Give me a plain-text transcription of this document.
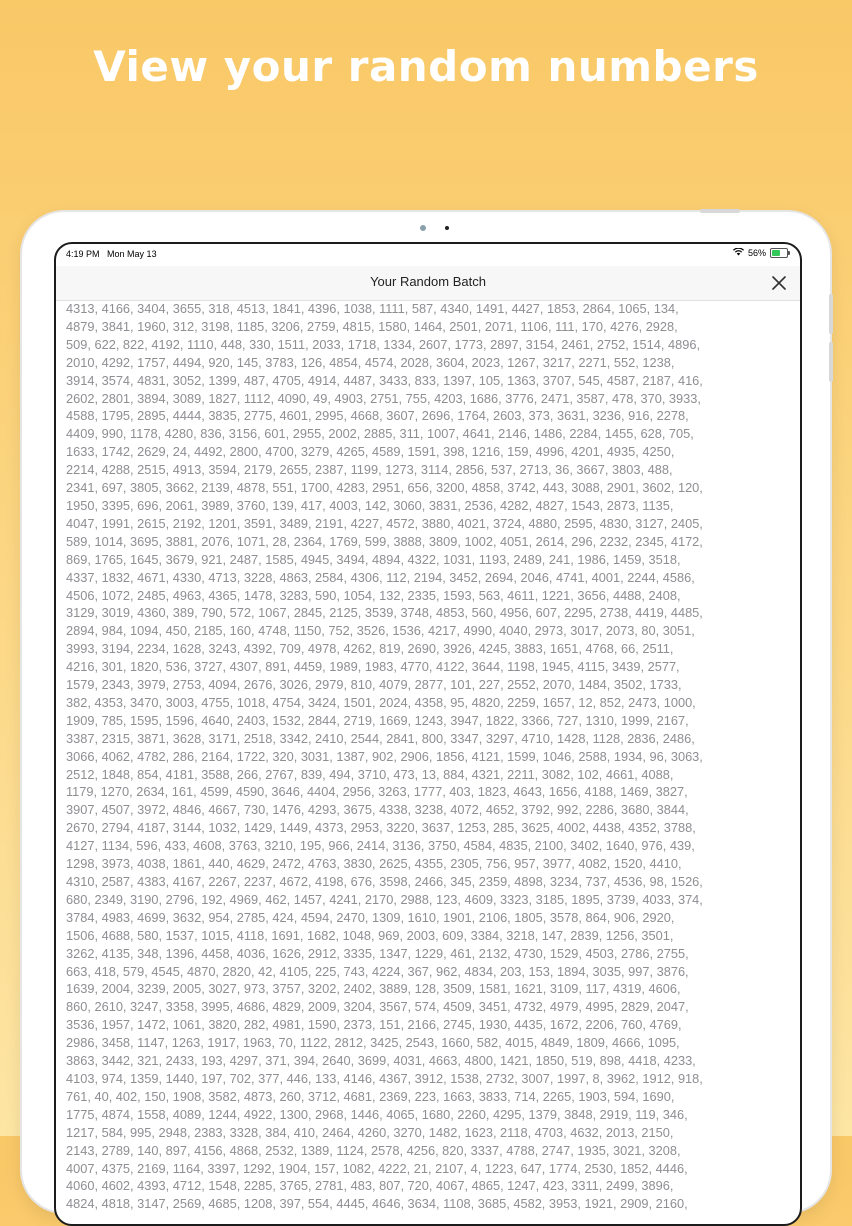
View your random numbers
4:19 PM Mon May 13	56%
Your Random Batch
4313, 4166, 3404, 3655, 318, 4513, 1841, 4396, 1038, 1111, 587, 4340, 1491, 4427, 1853, 2864, 1065, 134,
4879, 3841, 1960, 312, 3198, 1185, 3206, 2759, 4815, 1580, 1464, 2501, 2071, 1106, 111, 170, 4276, 2928,
509, 622, 822, 4192, 1110, 448, 330, 1511, 2033, 1718, 1334, 2607, 1773, 2897, 3154, 2461, 2752, 1514, 4896,
2010, 4292, 1757, 4494, 920, 145, 3783, 126, 4854, 4574, 2028, 3604, 2023, 1267, 3217, 2271, 552, 1238,
3914, 3574, 4831, 3052, 1399, 487, 4705, 4914, 4487, 3433, 833, 1397, 105, 1363, 3707, 545, 4587, 2187, 416,
2602, 2801, 3894, 3089, 1827, 1112, 4090, 49, 4903, 2751, 755, 4203, 1686, 3776, 2471, 3587, 478, 370, 3933,
4588, 1795, 2895, 4444, 3835, 2775, 4601, 2995, 4668, 3607, 2696, 1764, 2603, 373, 3631, 3236, 916, 2278,
4409, 990, 1178, 4280, 836, 3156, 601, 2955, 2002, 2885, 311, 1007, 4641, 2146, 1486, 2284, 1455, 628, 705,
1633, 1742, 2629, 24, 4492, 2800, 4700, 3279, 4265, 4589, 1591, 398, 1216, 159, 4996, 4201, 4935, 4250,
2214, 4288, 2515, 4913, 3594, 2179, 2655, 2387, 1199, 1273, 3114, 2856, 537, 2713, 36, 3667, 3803, 488,
2341, 697, 3805, 3662, 2139, 4878, 551, 1700, 4283, 2951, 656, 3200, 4858, 3742, 443, 3088, 2901, 3602, 120,
1950, 3395, 696, 2061, 3989, 3760, 139, 417, 4003, 142, 3060, 3831, 2536, 4282, 4827, 1543, 2873, 1135,
4047, 1991, 2615, 2192, 1201, 3591, 3489, 2191, 4227, 4572, 3880, 4021, 3724, 4880, 2595, 4830, 3127, 2405,
589, 1014, 3695, 3881, 2076, 1071, 28, 2364, 1769, 599, 3888, 3809, 1002, 4051, 2614, 296, 2232, 2345, 4172,
869, 1765, 1645, 3679, 921, 2487, 1585, 4945, 3494, 4894, 4322, 1031, 1193, 2489, 241, 1986, 1459, 3518,
4337, 1832, 4671, 4330, 4713, 3228, 4863, 2584, 4306, 112, 2194, 3452, 2694, 2046, 4741, 4001, 2244, 4586,
4506, 1072, 2485, 4963, 4365, 1478, 3283, 590, 1054, 132, 2335, 1593, 563, 4611, 1221, 3656, 4488, 2408,
3129, 3019, 4360, 389, 790, 572, 1067, 2845, 2125, 3539, 3748, 4853, 560, 4956, 607, 2295, 2738, 4419, 4485,
2894, 984, 1094, 450, 2185, 160, 4748, 1150, 752, 3526, 1536, 4217, 4990, 4040, 2973, 3017, 2073, 80, 3051,
3993, 3194, 2234, 1628, 3243, 4392, 709, 4978, 4262, 819, 2690, 3926, 4245, 3883, 1651, 4768, 66, 2511,
4216, 301, 1820, 536, 3727, 4307, 891, 4459, 1989, 1983, 4770, 4122, 3644, 1198, 1945, 4115, 3439, 2577,
1579, 2343, 3979, 2753, 4094, 2676, 3026, 2979, 810, 4079, 2877, 101, 227, 2552, 2070, 1484, 3502, 1733,
382, 4353, 3470, 3003, 4755, 1018, 4754, 3424, 1501, 2024, 4358, 95, 4820, 2259, 1657, 12, 852, 2473, 1000,
1909, 785, 1595, 1596, 4640, 2403, 1532, 2844, 2719, 1669, 1243, 3947, 1822, 3366, 727, 1310, 1999, 2167,
3387, 2315, 3871, 3628, 3171, 2518, 3342, 2410, 2544, 2841, 800, 3347, 3297, 4710, 1428, 1128, 2836, 2486,
3066, 4062, 4782, 286, 2164, 1722, 320, 3031, 1387, 902, 2906, 1856, 4121, 1599, 1046, 2588, 1934, 96, 3063,
2512, 1848, 854, 4181, 3588, 266, 2767, 839, 494, 3710, 473, 13, 884, 4321, 2211, 3082, 102, 4661, 4088,
1179, 1270, 2634, 161, 4599, 4590, 3646, 4404, 2956, 3263, 1777, 403, 1823, 4643, 1656, 4188, 1469, 3827,
3907, 4507, 3972, 4846, 4667, 730, 1476, 4293, 3675, 4338, 3238, 4072, 4652, 3792, 992, 2286, 3680, 3844,
2670, 2794, 4187, 3144, 1032, 1429, 1449, 4373, 2953, 3220, 3637, 1253, 285, 3625, 4002, 4438, 4352, 3788,
4127, 1134, 596, 433, 4608, 3763, 3210, 195, 966, 2414, 3136, 3750, 4584, 4835, 2100, 3402, 1640, 976, 439,
1298, 3973, 4038, 1861, 440, 4629, 2472, 4763, 3830, 2625, 4355, 2305, 756, 957, 3977, 4082, 1520, 4410,
4310, 2587, 4383, 4167, 2267, 2237, 4672, 4198, 676, 3598, 2466, 345, 2359, 4898, 3234, 737, 4536, 98, 1526,
680, 2349, 3190, 2796, 192, 4969, 462, 1457, 4241, 2170, 2988, 123, 4609, 3323, 3185, 1895, 3739, 4033, 374,
3784, 4983, 4699, 3632, 954, 2785, 424, 4594, 2470, 1309, 1610, 1901, 2106, 1805, 3578, 864, 906, 2920,
1506, 4688, 580, 1537, 1015, 4118, 1691, 1682, 1048, 969, 2003, 609, 3384, 3218, 147, 2839, 1256, 3501,
3262, 4135, 348, 1396, 4458, 4036, 1626, 2912, 3335, 1347, 1229, 461, 2132, 4730, 1529, 4503, 2786, 2755,
663, 418, 579, 4545, 4870, 2820, 42, 4105, 225, 743, 4224, 367, 962, 4834, 203, 153, 1894, 3035, 997, 3876,
1639, 2004, 3239, 2005, 3027, 973, 3757, 3202, 2402, 3889, 128, 3509, 1581, 1621, 3109, 117, 4319, 4606,
860, 2610, 3247, 3358, 3995, 4686, 4829, 2009, 3204, 3567, 574, 4509, 3451, 4732, 4979, 4995, 2829, 2047,
3536, 1957, 1472, 1061, 3820, 282, 4981, 1590, 2373, 151, 2166, 2745, 1930, 4435, 1672, 2206, 760, 4769,
2986, 3458, 1147, 1263, 1917, 1963, 70, 1122, 2812, 3425, 2543, 1660, 582, 4015, 4849, 1809, 4666, 1095,
3863, 3442, 321, 2433, 193, 4297, 371, 394, 2640, 3699, 4031, 4663, 4800, 1421, 1850, 519, 898, 4418, 4233,
4103, 974, 1359, 1440, 197, 702, 377, 446, 133, 4146, 4367, 3912, 1538, 2732, 3007, 1997, 8, 3962, 1912, 918,
761, 40, 402, 150, 1908, 3582, 4873, 260, 3712, 4681, 2369, 223, 1663, 3833, 714, 2265, 1903, 594, 1690,
1775, 4874, 1558, 4089, 1244, 4922, 1300, 2968, 1446, 4065, 1680, 2260, 4295, 1379, 3848, 2919, 119, 346,
1217, 584, 995, 2948, 2383, 3328, 384, 410, 2464, 4260, 3270, 1482, 1623, 2118, 4703, 4632, 2013, 2150,
2143, 2789, 140, 897, 4156, 4868, 2532, 1389, 1124, 2578, 4256, 820, 3337, 4788, 2747, 1935, 3021, 3208,
4007, 4375, 2169, 1164, 3397, 1292, 1904, 157, 1082, 4222, 21, 2107, 4, 1223, 647, 1774, 2530, 1852, 4446,
4060, 4602, 4393, 4712, 1548, 2285, 3765, 2781, 483, 807, 720, 4067, 4865, 1247, 423, 3311, 2499, 3896,
4824, 4818, 3147, 2569, 4685, 1208, 397, 554, 4445, 4646, 3634, 1108, 3685, 4582, 3953, 1921, 2909, 2160,
